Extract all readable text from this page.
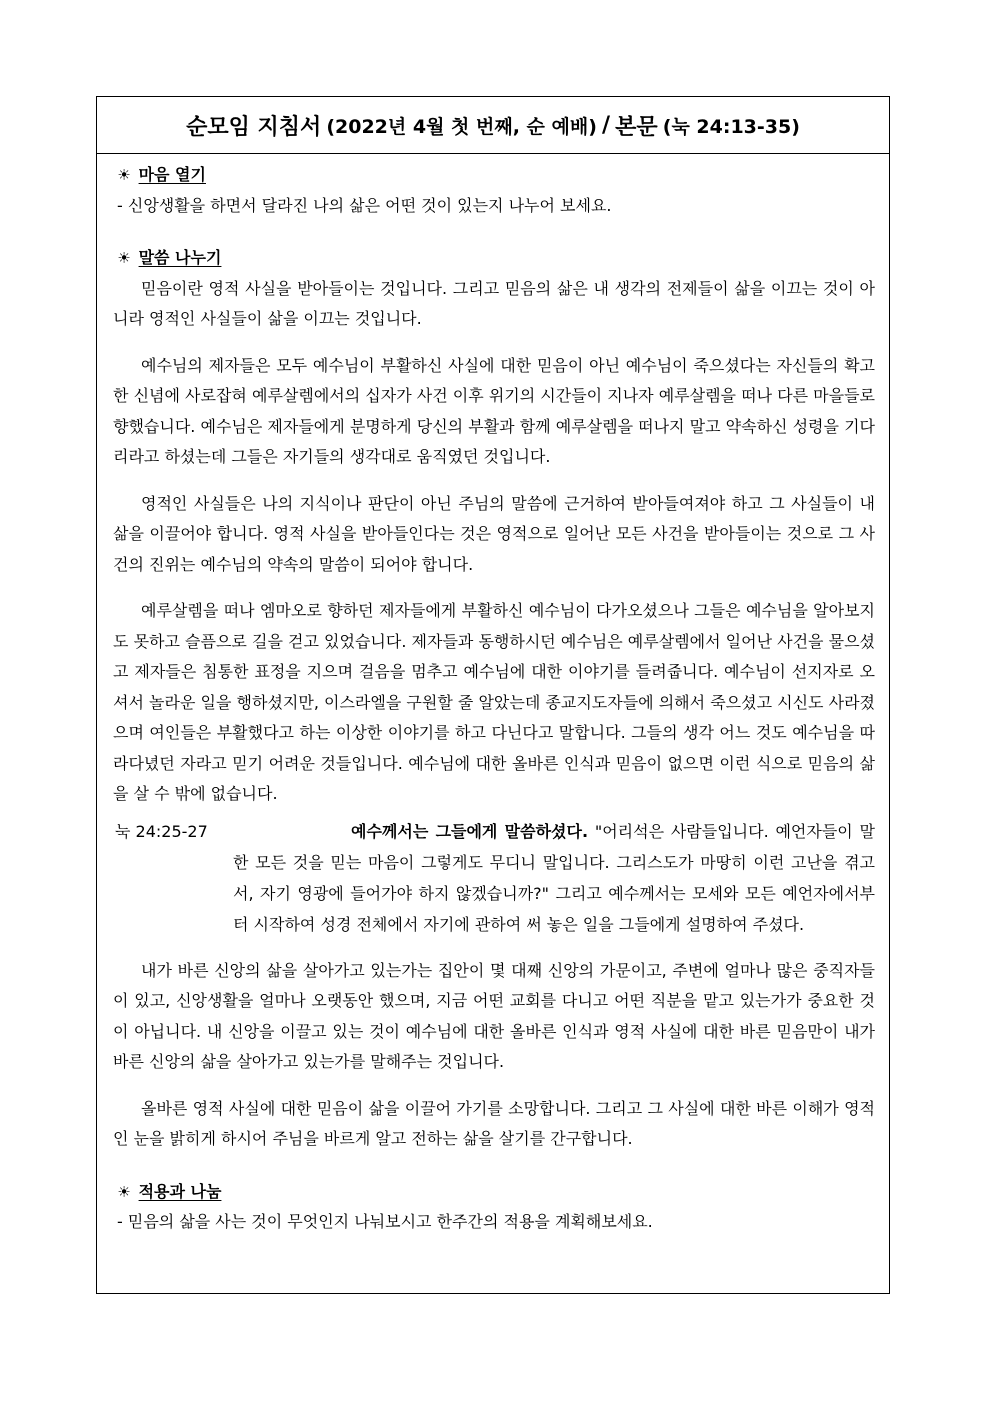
순모임 지침서
(2022년 4월 첫 번째, 순 예배)
/
본문
(눅 24:13-35)
☀ 마음 열기
- 신앙생활을 하면서 달라진 나의 삶은 어떤 것이 있는지 나누어 보세요.
☀ 말씀 나누기

믿음이란 영적 사실을 받아들이는 것입니다. 그리고 믿음의 삶은 내 생각의 전제들이 삶을 이끄는 것이 아니라 영적인 사실들이 삶을 이끄는 것입니다.

예수님의 제자들은 모두 예수님이 부활하신 사실에 대한 믿음이 아닌 예수님이 죽으셨다는 자신들의 확고한 신념에 사로잡혀 예루살렘에서의 십자가 사건 이후 위기의 시간들이 지나자 예루살렘을 떠나 다른 마을들로 향했습니다. 예수님은 제자들에게 분명하게 당신의 부활과 함께 예루살렘을 떠나지 말고 약속하신 성령을 기다리라고 하셨는데 그들은 자기들의 생각대로 움직였던 것입니다.

영적인 사실들은 나의 지식이나 판단이 아닌 주님의 말씀에 근거하여 받아들여져야 하고 그 사실들이 내 삶을 이끌어야 합니다. 영적 사실을 받아들인다는 것은 영적으로 일어난 모든 사건을 받아들이는 것으로 그 사건의 진위는 예수님의 약속의 말씀이 되어야 합니다.

예루살렘을 떠나 엠마오로 향하던 제자들에게 부활하신 예수님이 다가오셨으나 그들은 예수님을 알아보지도 못하고 슬픔으로 길을 걷고 있었습니다. 제자들과 동행하시던 예수님은 예루살렘에서 일어난 사건을 물으셨고 제자들은 침통한 표정을 지으며 걸음을 멈추고 예수님에 대한 이야기를 들려줍니다. 예수님이 선지자로 오셔서 놀라운 일을 행하셨지만, 이스라엘을 구원할 줄 알았는데 종교지도자들에 의해서 죽으셨고 시신도 사라졌으며 여인들은 부활했다고 하는 이상한 이야기를 하고 다닌다고 말합니다. 그들의 생각 어느 것도 예수님을 따라다녔던 자라고 믿기 어려운 것들입니다. 예수님에 대한 올바른 인식과 믿음이 없으면 이런 식으로 믿음의 삶을 살 수 밖에 없습니다.

눅 24:25-27	예수께서는 그들에게 말씀하셨다. "어리석은 사람들입니다. 예언자들이 말한 모든 것을 믿는 마음이 그렇게도 무디니 말입니다. 그리스도가 마땅히 이런 고난을 겪고서, 자기 영광에 들어가야 하지 않겠습니까?" 그리고 예수께서는 모세와 모든 예언자에서부터 시작하여 성경 전체에서 자기에 관하여 써 놓은 일을 그들에게 설명하여 주셨다.

내가 바른 신앙의 삶을 살아가고 있는가는 집안이 몇 대째 신앙의 가문이고, 주변에 얼마나 많은 중직자들이 있고, 신앙생활을 얼마나 오랫동안 했으며, 지금 어떤 교회를 다니고 어떤 직분을 맡고 있는가가 중요한 것이 아닙니다. 내 신앙을 이끌고 있는 것이 예수님에 대한 올바른 인식과 영적 사실에 대한 바른 믿음만이 내가 바른 신앙의 삶을 살아가고 있는가를 말해주는 것입니다.

올바른 영적 사실에 대한 믿음이 삶을 이끌어 가기를 소망합니다. 그리고 그 사실에 대한 바른 이해가 영적인 눈을 밝히게 하시어 주님을 바르게 알고 전하는 삶을 살기를 간구합니다.

☀ 적용과 나눔
- 믿음의 삶을 사는 것이 무엇인지 나눠보시고 한주간의 적용을 계획해보세요.
